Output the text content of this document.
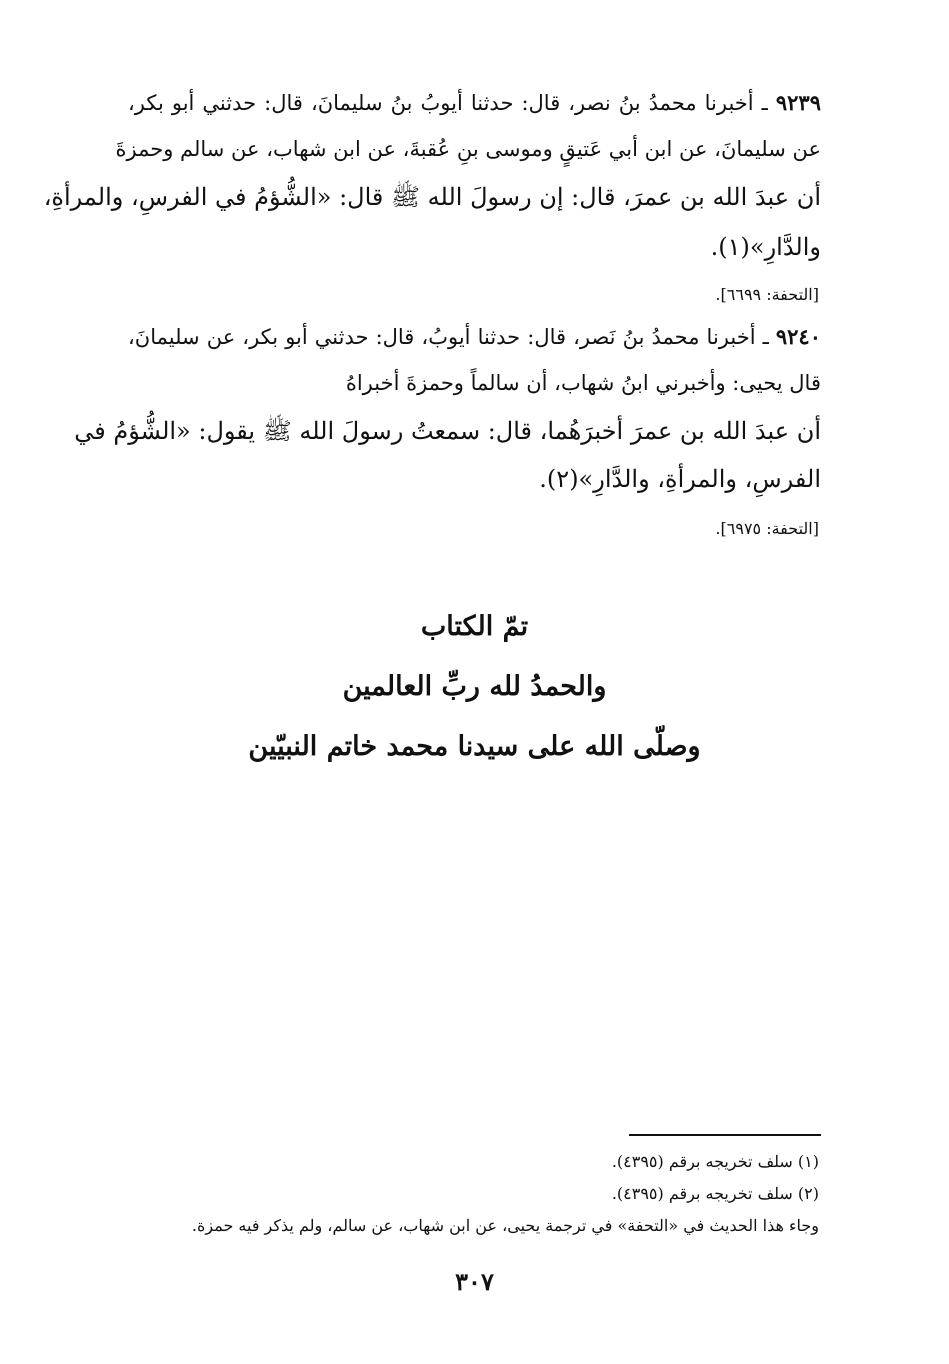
٩٢٣٩ ـ أخبرنا محمدُ بنُ نصر، قال: حدثنا أيوبُ بنُ سليمانَ، قال: حدثني أبو بكر،
عن سليمانَ، عن ابن أبي عَتيقٍ وموسى بنِ عُقبةَ، عن ابن شهاب، عن سالم وحمزةَ
أن عبدَ الله بن عمرَ، قال: إن رسولَ الله ﷺ قال: «الشُّؤمُ في الفرسِ، والمرأةِ،
والدَّارِ»(١).
[التحفة: ٦٦٩٩].
٩٢٤٠ ـ أخبرنا محمدُ بنُ نَصر، قال: حدثنا أيوبُ، قال: حدثني أبو بكر، عن سليمانَ،
قال يحيى: وأخبرني ابنُ شهاب، أن سالماً وحمزةَ أخبراهُ
أن عبدَ الله بن عمرَ أخبرَهُما، قال: سمعتُ رسولَ الله ﷺ يقول: «الشُّؤمُ في
الفرسِ، والمرأةِ، والدَّارِ»(٢).
[التحفة: ٦٩٧٥].
تمّ الكتاب
والحمدُ لله ربِّ العالمين
وصلّى الله على سيدنا محمد خاتم النبيّين
(١) سلف تخريجه برقم (٤٣٩٥).
(٢) سلف تخريجه برقم (٤٣٩٥).
وجاء هذا الحديث في «التحفة» في ترجمة يحيى، عن ابن شهاب، عن سالم، ولم يذكر فيه حمزة.
٣٠٧
